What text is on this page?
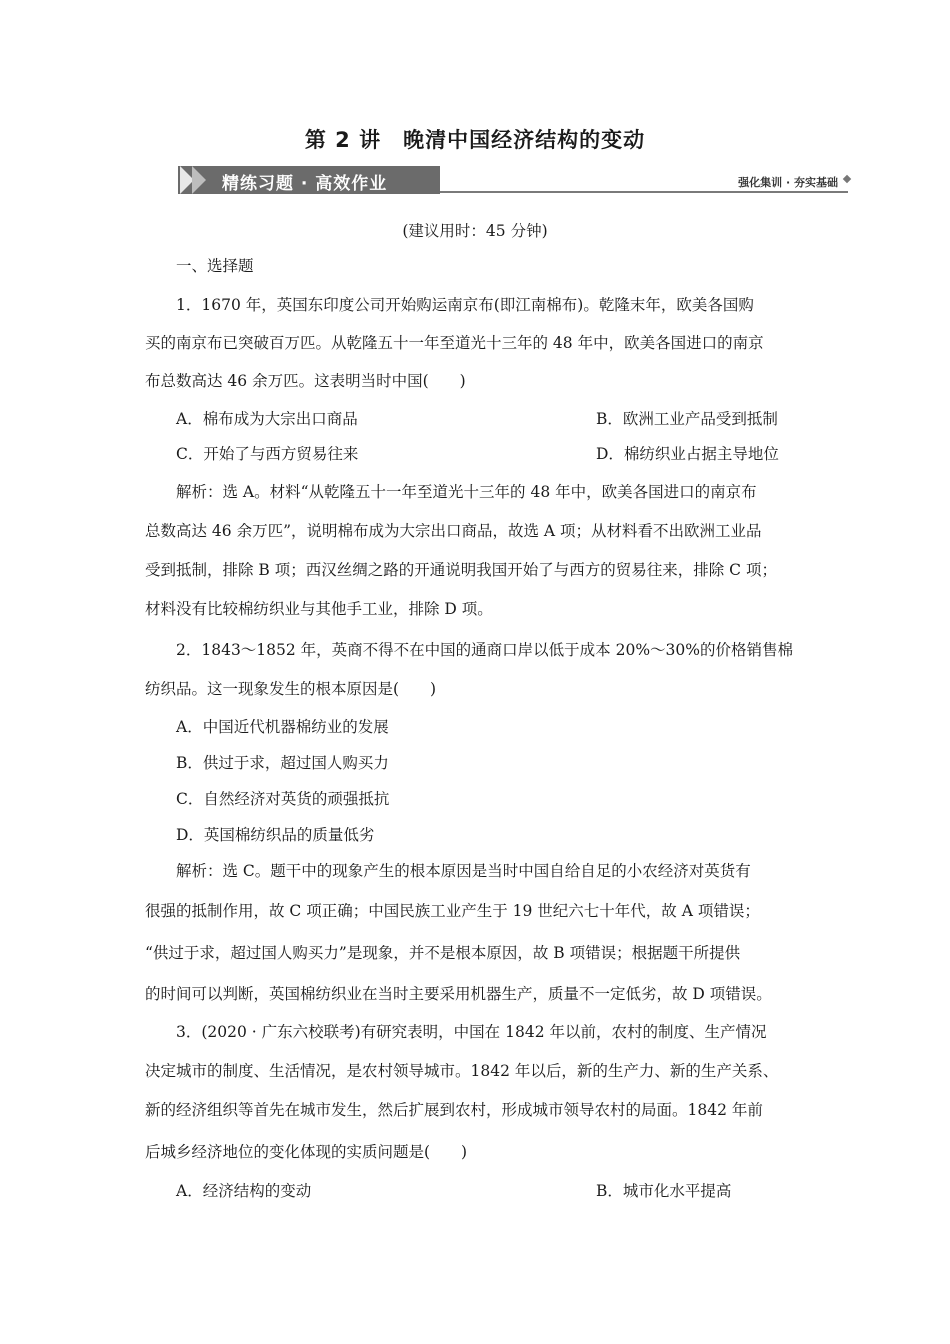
第 2 讲　晚清中国经济结构的变动
精练习题 · 高效作业	强化集训 · 夯实基础
(建议用时：45 分钟)
一、选择题
1．1670 年，英国东印度公司开始购运南京布(即江南棉布)。乾隆末年，欧美各国购
买的南京布已突破百万匹。从乾隆五十一年至道光十三年的 48 年中，欧美各国进口的南京
布总数高达 46 余万匹。这表明当时中国(　　)
A．棉布成为大宗出口商品	B．欧洲工业产品受到抵制
C．开始了与西方贸易往来	D．棉纺织业占据主导地位
解析：选 A。材料“从乾隆五十一年至道光十三年的 48 年中，欧美各国进口的南京布
总数高达 46 余万匹”，说明棉布成为大宗出口商品，故选 A 项；从材料看不出欧洲工业品
受到抵制，排除 B 项；西汉丝绸之路的开通说明我国开始了与西方的贸易往来，排除 C 项；
材料没有比较棉纺织业与其他手工业，排除 D 项。
2．1843～1852 年，英商不得不在中国的通商口岸以低于成本 20%～30%的价格销售棉
纺织品。这一现象发生的根本原因是(　　)
A．中国近代机器棉纺业的发展
B．供过于求，超过国人购买力
C．自然经济对英货的顽强抵抗
D．英国棉纺织品的质量低劣
解析：选 C。题干中的现象产生的根本原因是当时中国自给自足的小农经济对英货有
很强的抵制作用，故 C 项正确；中国民族工业产生于 19 世纪六七十年代，故 A 项错误；
“供过于求，超过国人购买力”是现象，并不是根本原因，故 B 项错误；根据题干所提供
的时间可以判断，英国棉纺织业在当时主要采用机器生产，质量不一定低劣，故 D 项错误。
3．(2020 · 广东六校联考)有研究表明，中国在 1842 年以前，农村的制度、生产情况
决定城市的制度、生活情况，是农村领导城市。1842 年以后，新的生产力、新的生产关系、
新的经济组织等首先在城市发生，然后扩展到农村，形成城市领导农村的局面。1842 年前
后城乡经济地位的变化体现的实质问题是(　　)
A．经济结构的变动	B．城市化水平提高
